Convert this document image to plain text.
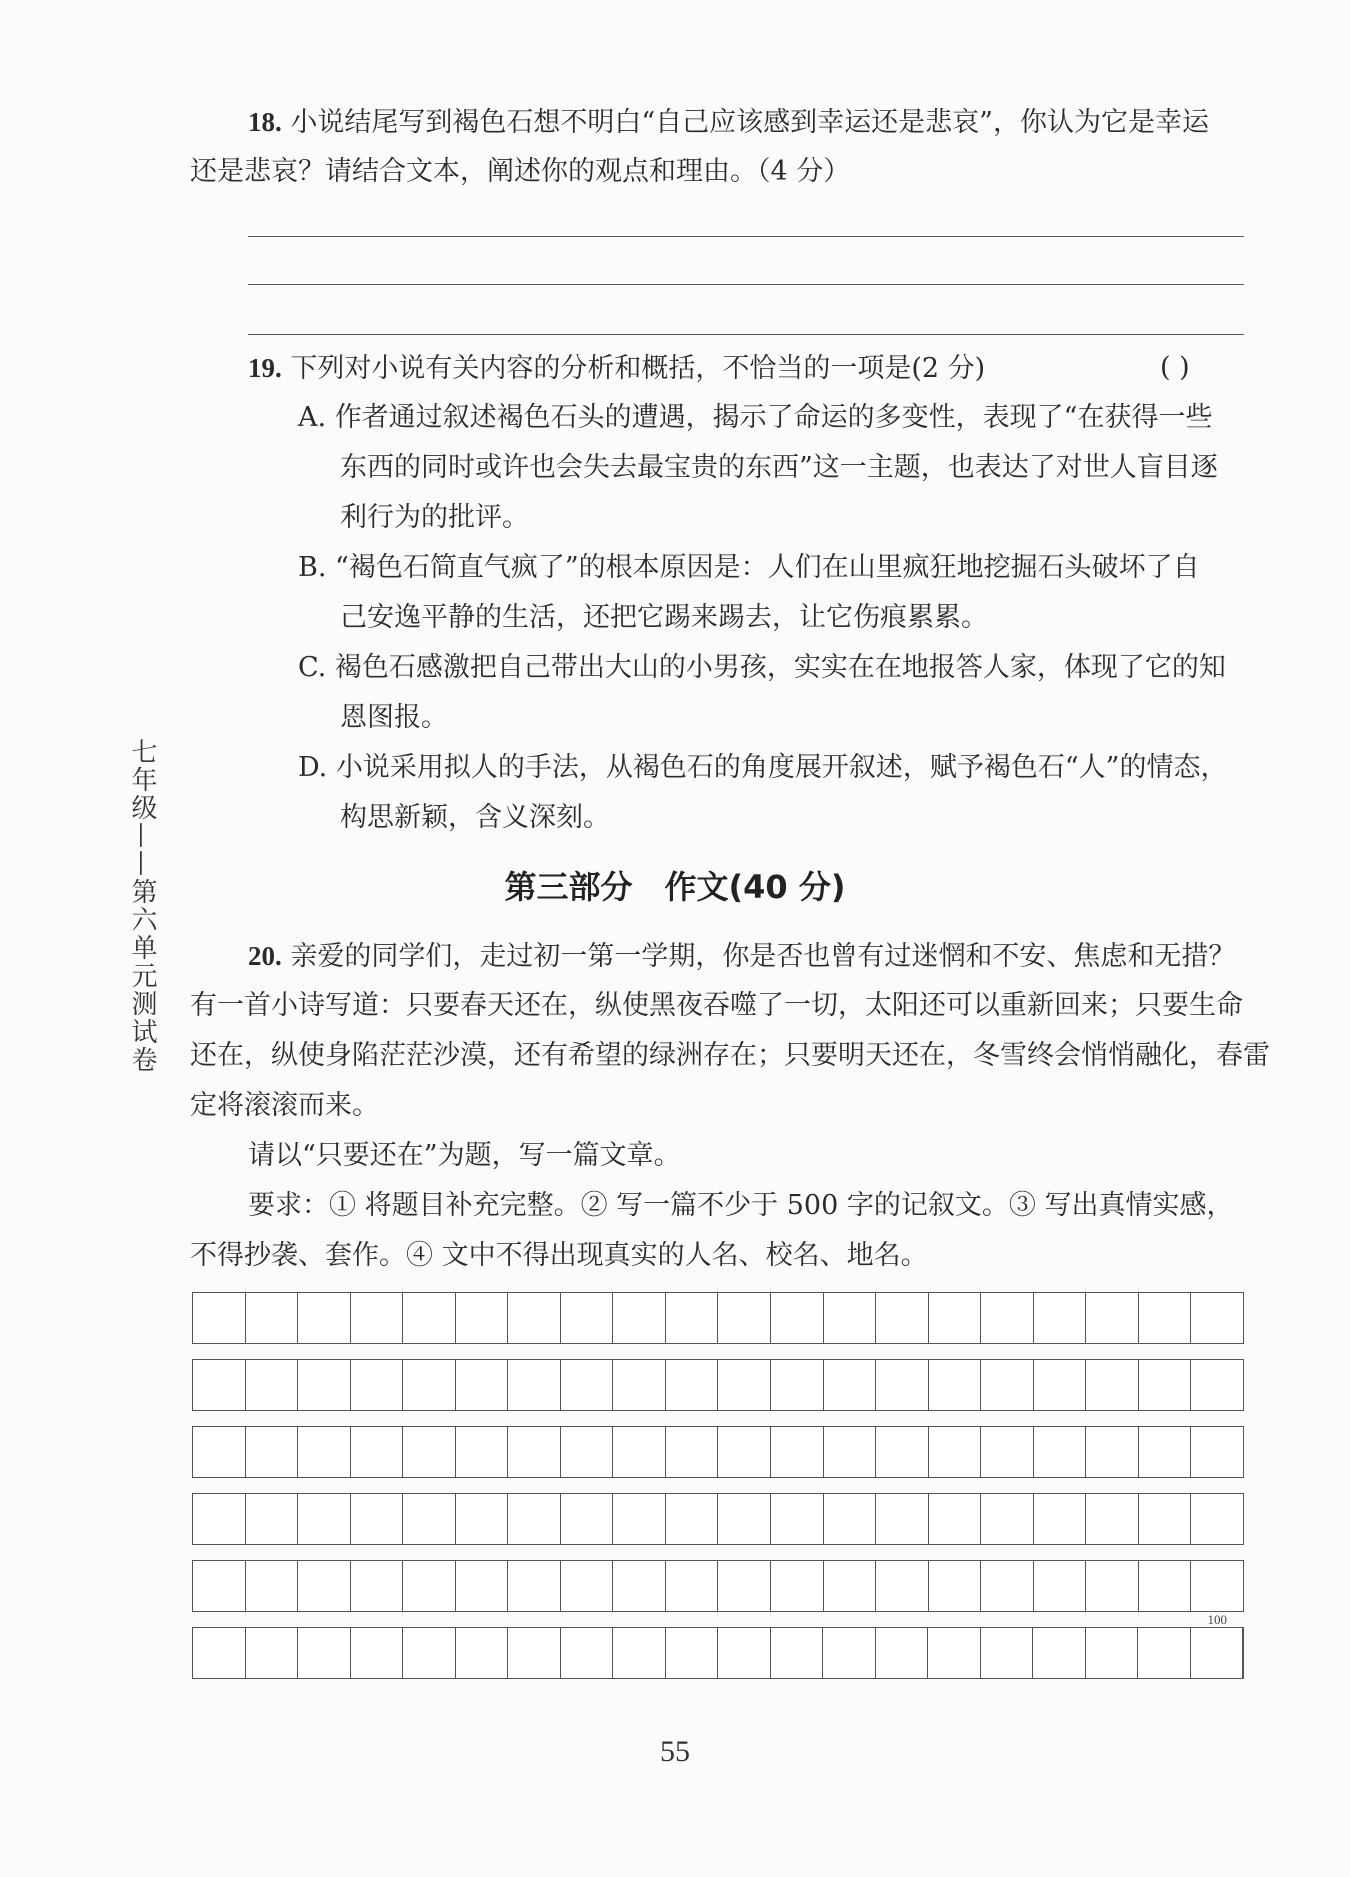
18. 小说结尾写到褐色石想不明白“自己应该感到幸运还是悲哀”，你认为它是幸运
还是悲哀？请结合文本，阐述你的观点和理由。（4 分）
19. 下列对小说有关内容的分析和概括，不恰当的一项是(2 分)	( )
A. 作者通过叙述褐色石头的遭遇，揭示了命运的多变性，表现了“在获得一些
东西的同时或许也会失去最宝贵的东西”这一主题，也表达了对世人盲目逐
利行为的批评。
B. “褐色石简直气疯了”的根本原因是：人们在山里疯狂地挖掘石头破坏了自
己安逸平静的生活，还把它踢来踢去，让它伤痕累累。
C. 褐色石感激把自己带出大山的小男孩，实实在在地报答人家，体现了它的知
恩图报。
D. 小说采用拟人的手法，从褐色石的角度展开叙述，赋予褐色石“人”的情态，
构思新颖，含义深刻。
七年级——第六单元测试卷	第三部分　作文(40 分)
20. 亲爱的同学们，走过初一第一学期，你是否也曾有过迷惘和不安、焦虑和无措？
有一首小诗写道：只要春天还在，纵使黑夜吞噬了一切，太阳还可以重新回来；只要生命
还在，纵使身陷茫茫沙漠，还有希望的绿洲存在；只要明天还在，冬雪终会悄悄融化，春雷
定将滚滚而来。
请以“只要还在”为题，写一篇文章。
要求：① 将题目补充完整。② 写一篇不少于 500 字的记叙文。③ 写出真情实感，
不得抄袭、套作。④ 文中不得出现真实的人名、校名、地名。
100
55
